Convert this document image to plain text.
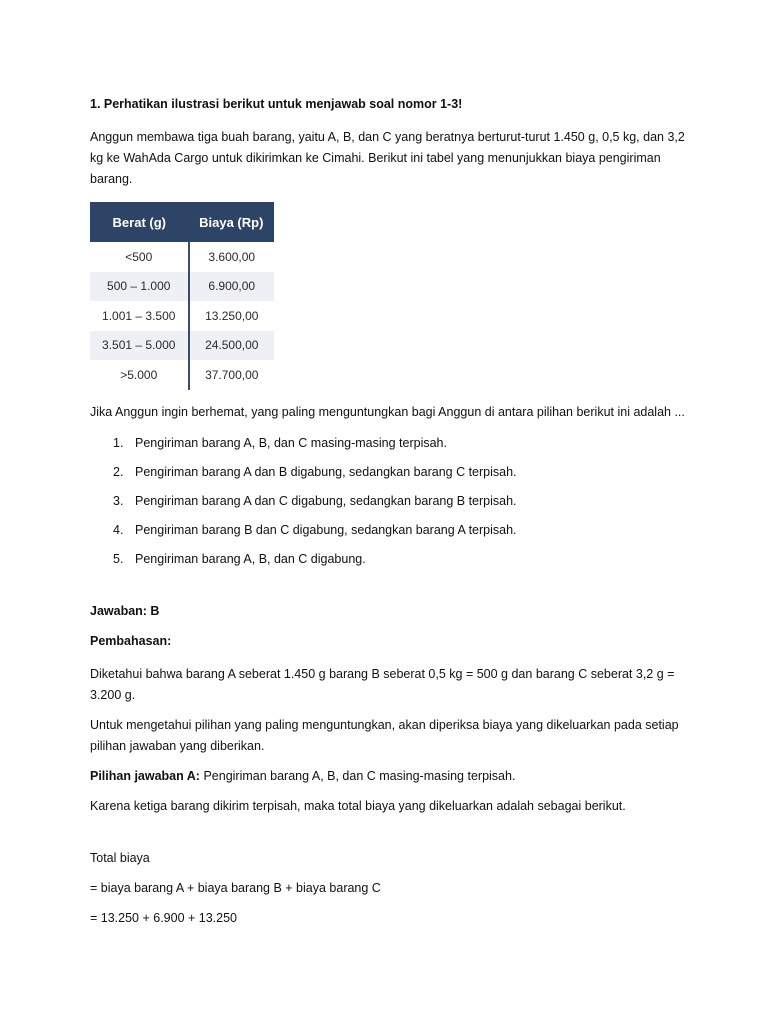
1. Perhatikan ilustrasi berikut untuk menjawab soal nomor 1-3!

Anggun membawa tiga buah barang, yaitu A, B, dan C yang beratnya berturut-turut 1.450 g, 0,5 kg, dan 3,2 kg ke WahAda Cargo untuk dikirimkan ke Cimahi. Berikut ini tabel yang menunjukkan biaya pengiriman barang.

Berat (g)	Biaya (Rp)
<500	3.600,00
500 – 1.000	6.900,00
1.001 – 3.500	13.250,00
3.501 – 5.000	24.500,00
>5.000	37.700,00

Jika Anggun ingin berhemat, yang paling menguntungkan bagi Anggun di antara pilihan berikut ini adalah ...

1. Pengiriman barang A, B, dan C masing-masing terpisah.
2. Pengiriman barang A dan B digabung, sedangkan barang C terpisah.
3. Pengiriman barang A dan C digabung, sedangkan barang B terpisah.
4. Pengiriman barang B dan C digabung, sedangkan barang A terpisah.
5. Pengiriman barang A, B, dan C digabung.

Jawaban: B

Pembahasan:

Diketahui bahwa barang A seberat 1.450 g barang B seberat 0,5 kg = 500 g dan barang C seberat 3,2 g = 3.200 g.

Untuk mengetahui pilihan yang paling menguntungkan, akan diperiksa biaya yang dikeluarkan pada setiap pilihan jawaban yang diberikan.

Pilihan jawaban A: Pengiriman barang A, B, dan C masing-masing terpisah.

Karena ketiga barang dikirim terpisah, maka total biaya yang dikeluarkan adalah sebagai berikut.

Total biaya

= biaya barang A + biaya barang B + biaya barang C

= 13.250 + 6.900 + 13.250
